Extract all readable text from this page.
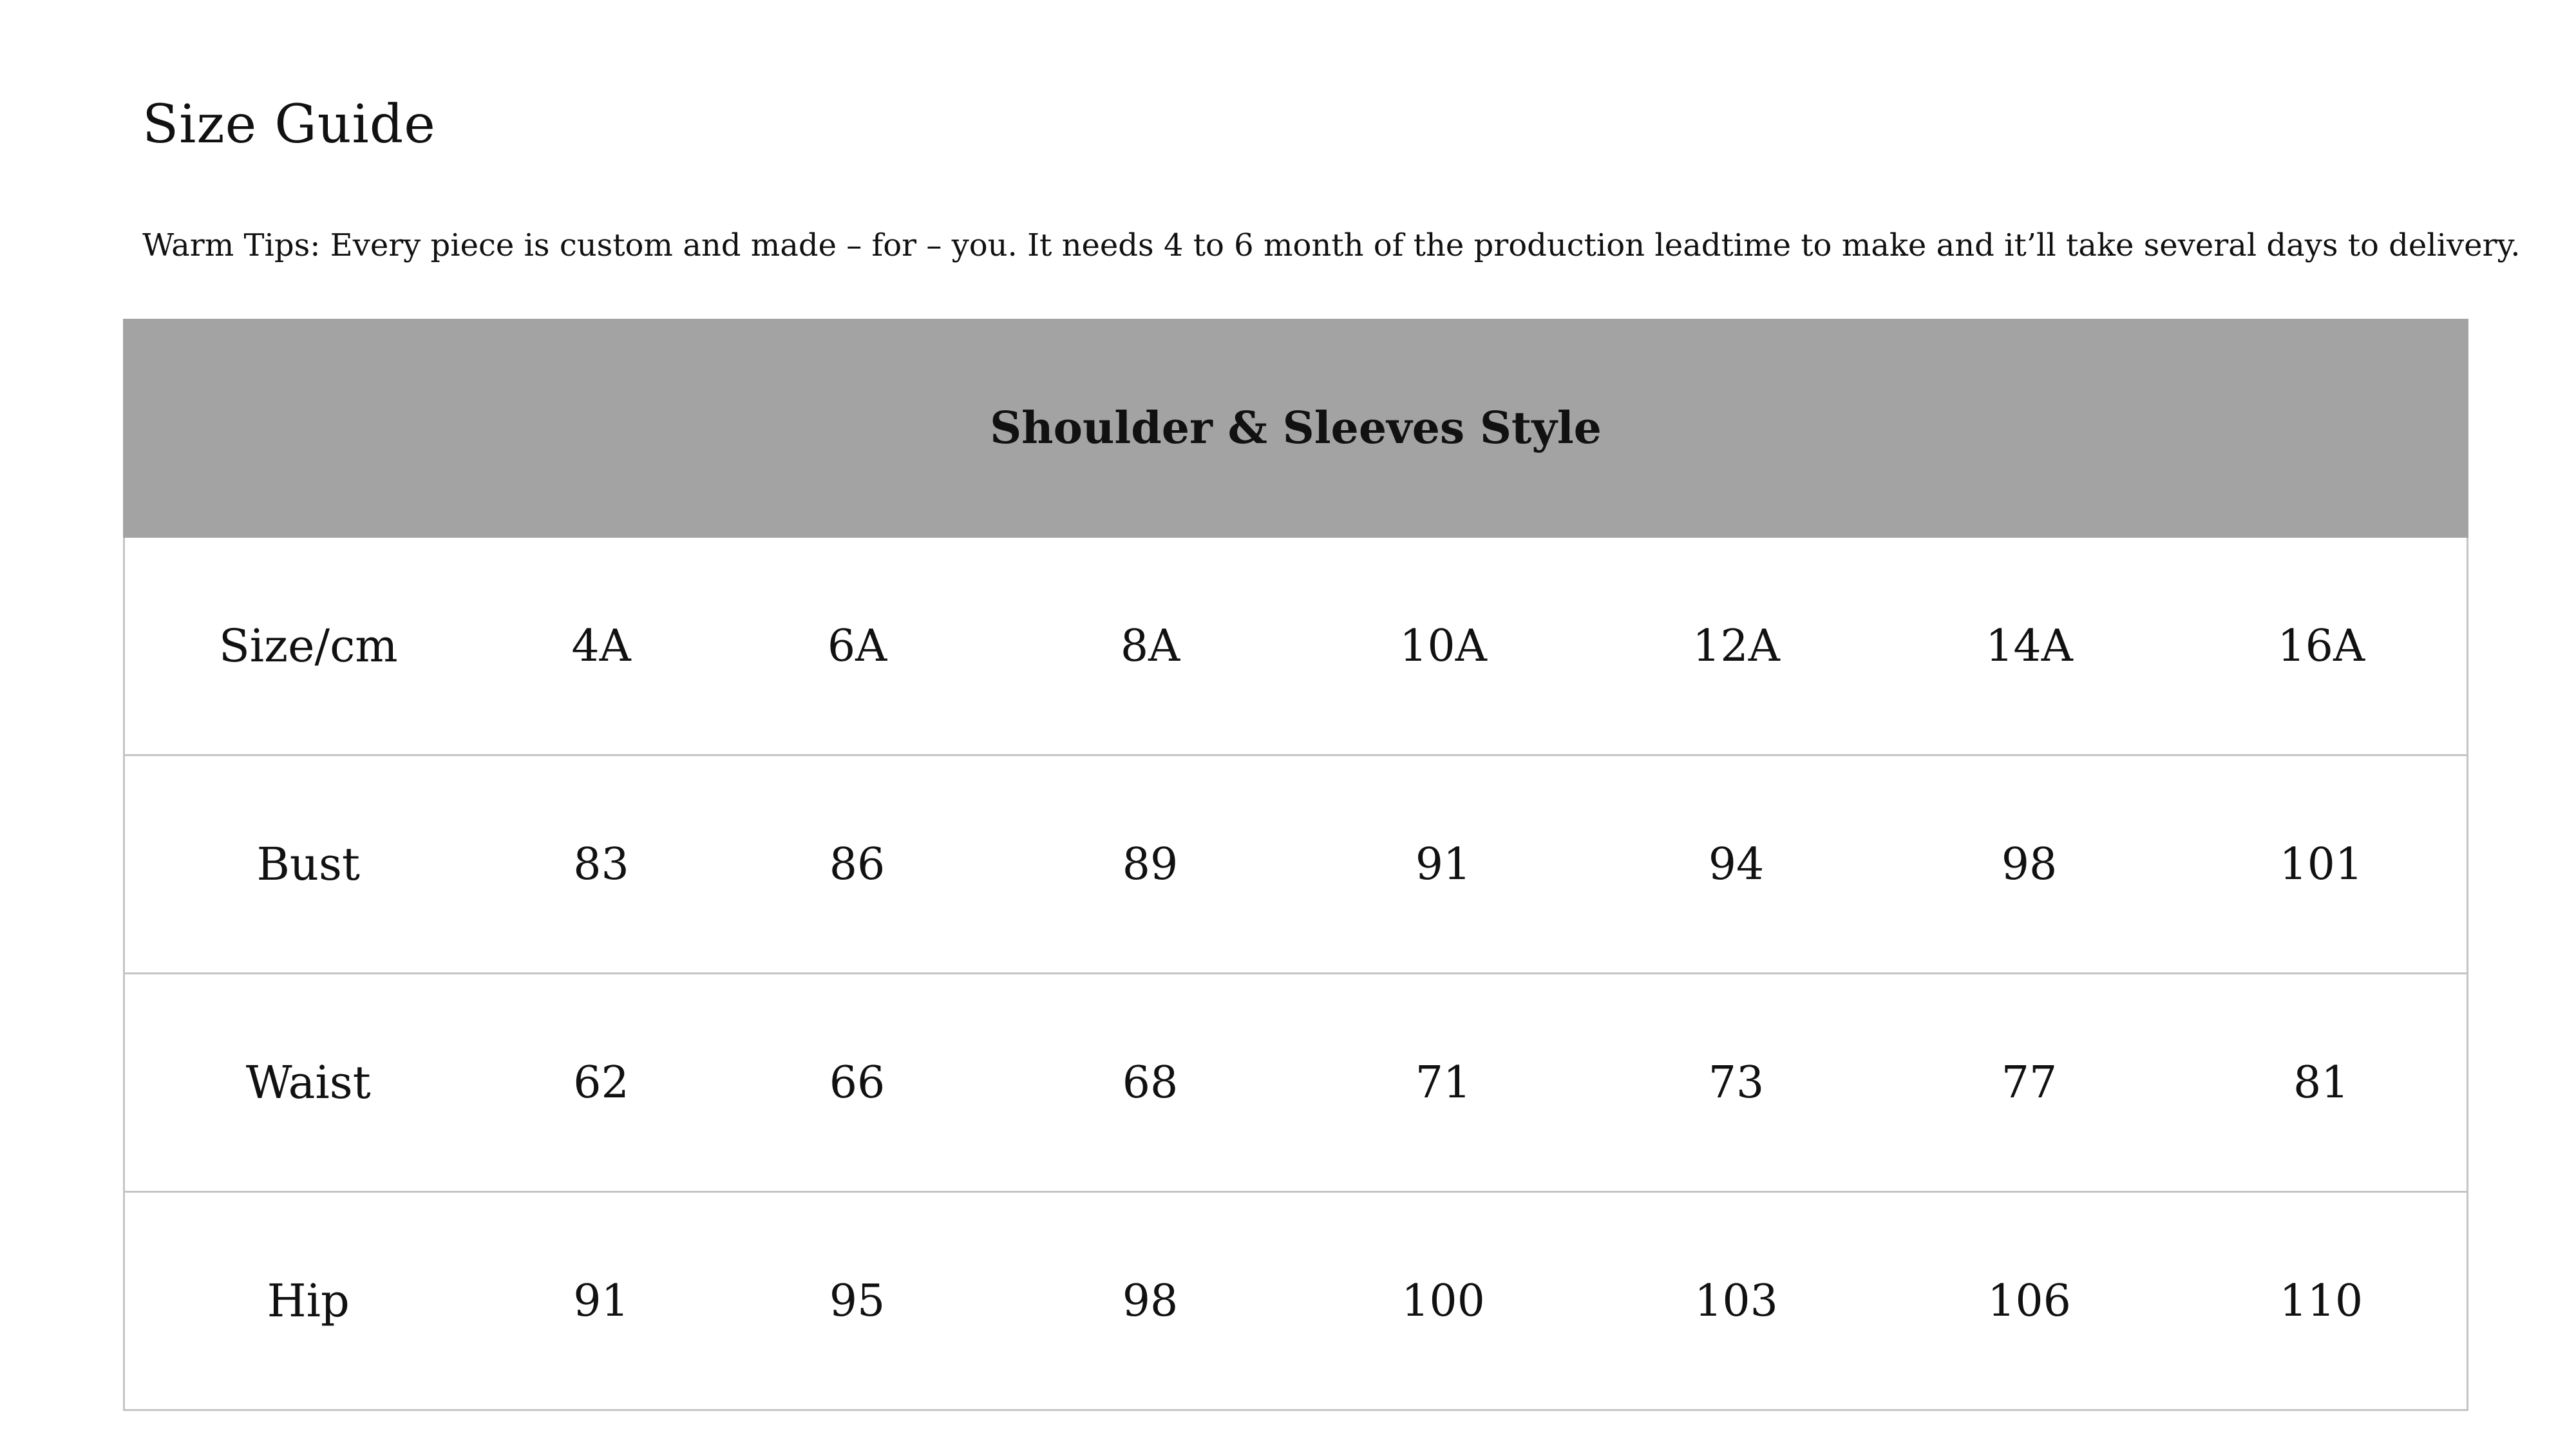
Size Guide

Warm Tips: Every piece is custom and made – for – you. It needs 4 to 6 month of the production leadtime to make and it’ll take several days to delivery.

Shoulder & Sleeves Style							
Size/cm	4A	6A	8A	10A	12A	14A	16A
Bust	83	86	89	91	94	98	101
Waist	62	66	68	71	73	77	81
Hip	91	95	98	100	103	106	110
